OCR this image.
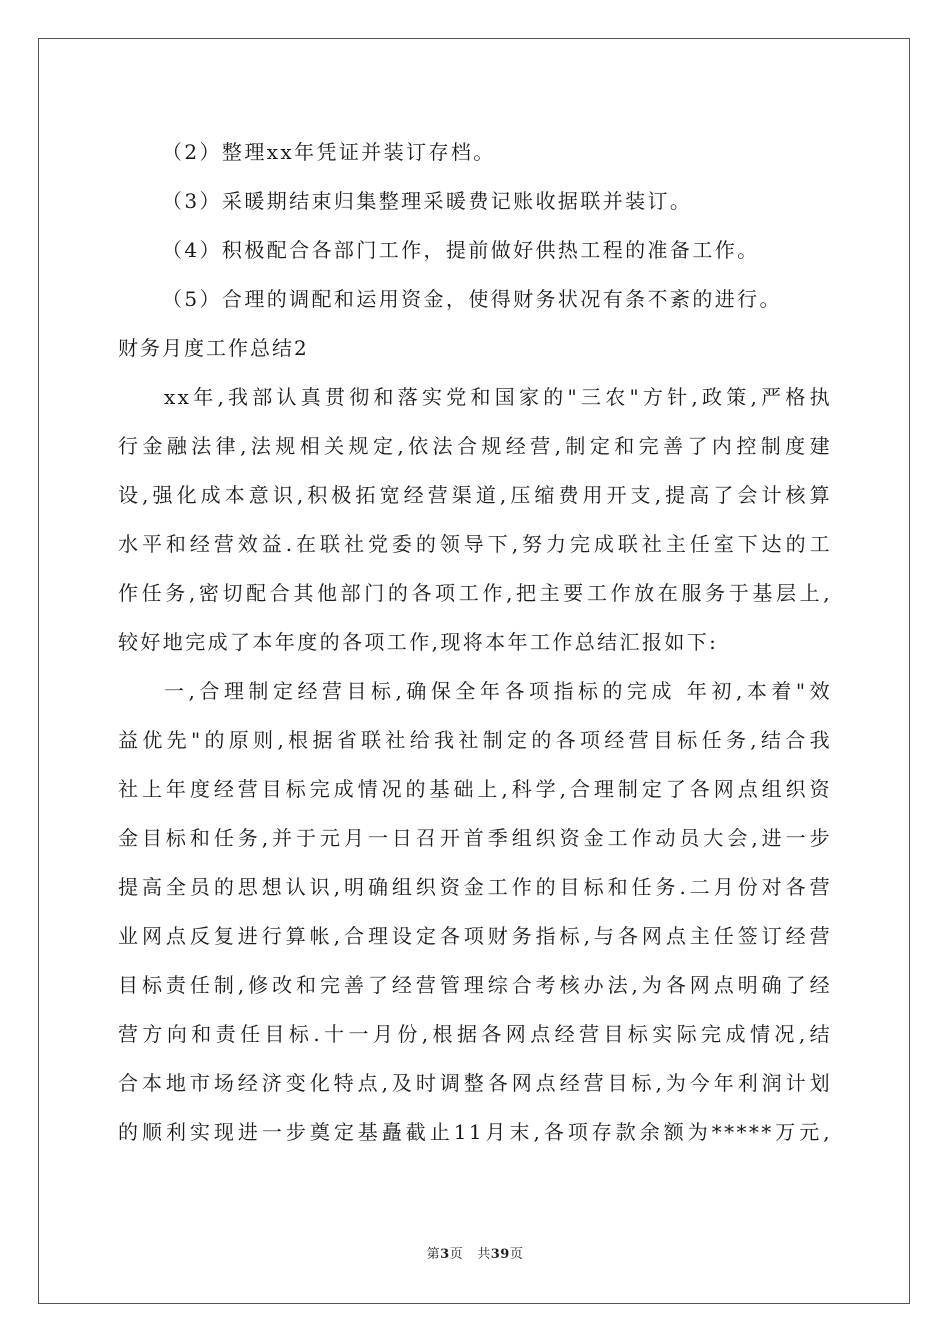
（2）整理xx年凭证并装订存档。
（3）采暖期结束归集整理采暖费记账收据联并装订。
（4）积极配合各部门工作，提前做好供热工程的准备工作。
（5）合理的调配和运用资金，使得财务状况有条不紊的进行。
财务月度工作总结2
xx年,我部认真贯彻和落实党和国家的"三农"方针,政策,严格执
行金融法律,法规相关规定,依法合规经营,制定和完善了内控制度建
设,强化成本意识,积极拓宽经营渠道,压缩费用开支,提高了会计核算
水平和经营效益.在联社党委的领导下,努力完成联社主任室下达的工
作任务,密切配合其他部门的各项工作,把主要工作放在服务于基层上,
较好地完成了本年度的各项工作,现将本年工作总结汇报如下:
一,合理制定经营目标,确保全年各项指标的完成 年初,本着"效
益优先"的原则,根据省联社给我社制定的各项经营目标任务,结合我
社上年度经营目标完成情况的基础上,科学,合理制定了各网点组织资
金目标和任务,并于元月一日召开首季组织资金工作动员大会,进一步
提高全员的思想认识,明确组织资金工作的目标和任务.二月份对各营
业网点反复进行算帐,合理设定各项财务指标,与各网点主任签订经营
目标责任制,修改和完善了经营管理综合考核办法,为各网点明确了经
营方向和责任目标.十一月份,根据各网点经营目标实际完成情况,结
合本地市场经济变化特点,及时调整各网点经营目标,为今年利润计划
的顺利实现进一步奠定基矗截止11月末,各项存款余额为*****万元,
第3页 共39页
